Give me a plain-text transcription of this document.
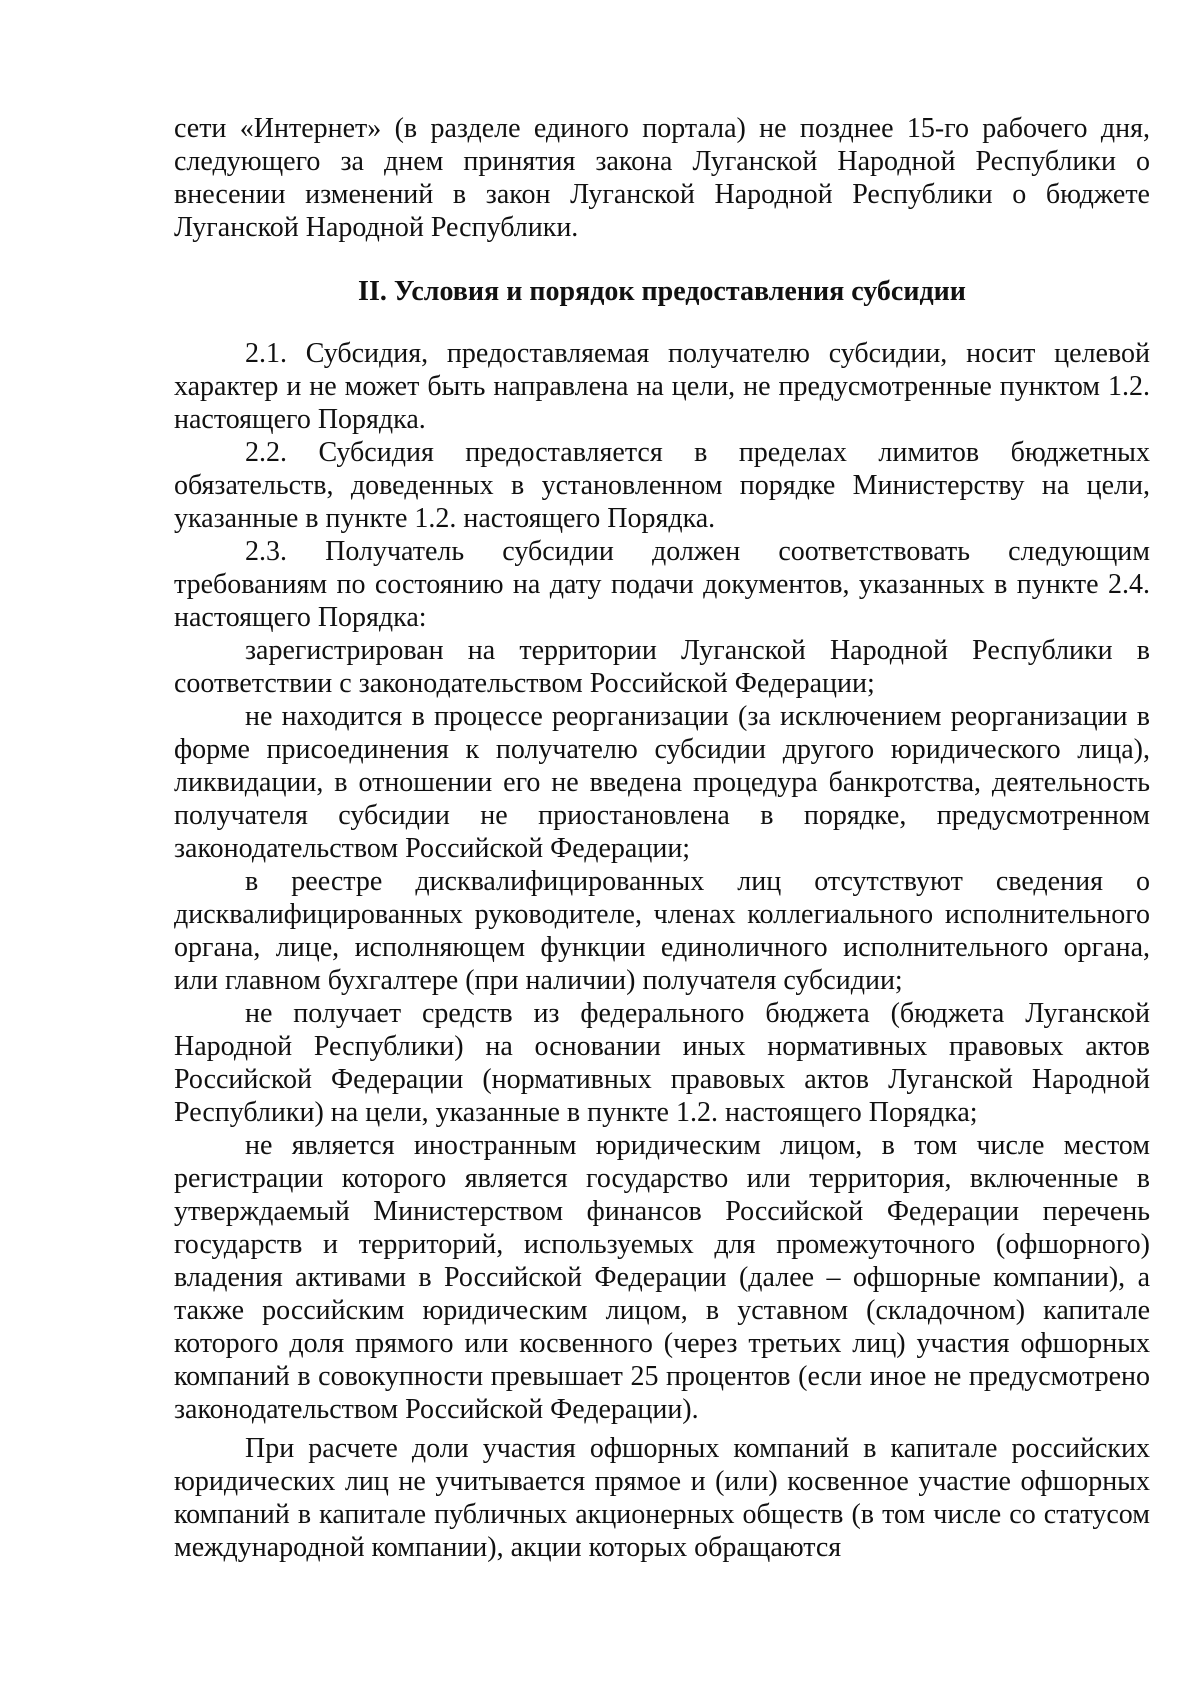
сети «Интернет» (в разделе единого портала) не позднее 15-го рабочего дня, следующего за днем принятия закона Луганской Народной Республики о внесении изменений в закон Луганской Народной Республики о бюджете Луганской Народной Республики.

II. Условия и порядок предоставления субсидии

2.1. Субсидия, предоставляемая получателю субсидии, носит целевой характер и не может быть направлена на цели, не предусмотренные пунктом 1.2. настоящего Порядка.

2.2. Субсидия предоставляется в пределах лимитов бюджетных обязательств, доведенных в установленном порядке Министерству на цели, указанные в пункте 1.2. настоящего Порядка.

2.3. Получатель субсидии должен соответствовать следующим требованиям по состоянию на дату подачи документов, указанных в пункте 2.4. настоящего Порядка:

зарегистрирован на территории Луганской Народной Республики в соответствии с законодательством Российской Федерации;

не находится в процессе реорганизации (за исключением реорганизации в форме присоединения к получателю субсидии другого юридического лица), ликвидации, в отношении его не введена процедура банкротства, деятельность получателя субсидии не приостановлена в порядке, предусмотренном законодательством Российской Федерации;

в реестре дисквалифицированных лиц отсутствуют сведения о дисквалифицированных руководителе, членах коллегиального исполнительного органа, лице, исполняющем функции единоличного исполнительного органа, или главном бухгалтере (при наличии) получателя субсидии;

не получает средств из федерального бюджета (бюджета Луганской Народной Республики) на основании иных нормативных правовых актов Российской Федерации (нормативных правовых актов Луганской Народной Республики) на цели, указанные в пункте 1.2. настоящего Порядка;

не является иностранным юридическим лицом, в том числе местом регистрации которого является государство или территория, включенные в утверждаемый Министерством финансов Российской Федерации перечень государств и территорий, используемых для промежуточного (офшорного) владения активами в Российской Федерации (далее – офшорные компании), а также российским юридическим лицом, в уставном (складочном) капитале которого доля прямого или косвенного (через третьих лиц) участия офшорных компаний в совокупности превышает 25 процентов (если иное не предусмотрено законодательством Российской Федерации).

При расчете доли участия офшорных компаний в капитале российских юридических лиц не учитывается прямое и (или) косвенное участие офшорных компаний в капитале публичных акционерных обществ (в том числе со статусом международной компании), акции которых обращаются
